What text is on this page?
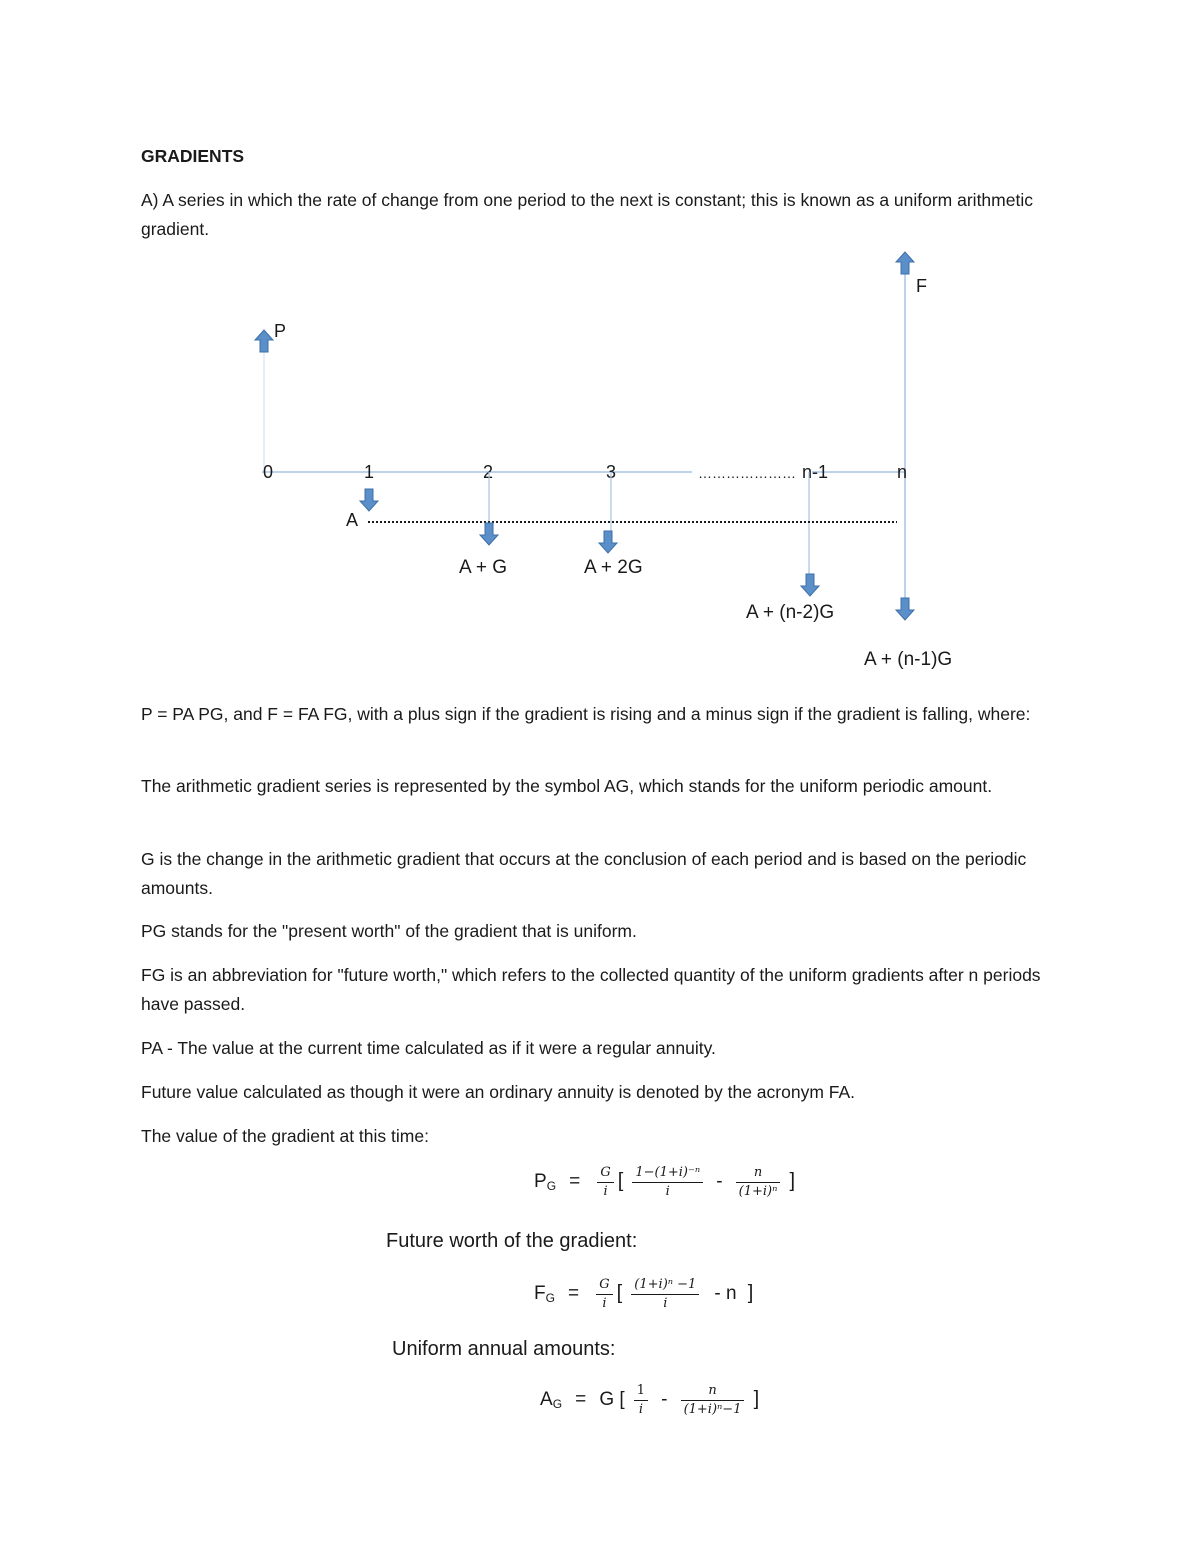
GRADIENTS

A) A series in which the rate of change from one period to the next is constant; this is known as a uniform arithmetic gradient.

P
F
0	1	2	3	………………… n-1	n
A
A + G	A + 2G
A + (n-2)G
A + (n-1)G

P = PA PG, and F = FA FG, with a plus sign if the gradient is rising and a minus sign if the gradient is falling, where:

The arithmetic gradient series is represented by the symbol AG, which stands for the uniform periodic amount.

G is the change in the arithmetic gradient that occurs at the conclusion of each period and is based on the periodic amounts.

PG stands for the "present worth" of the gradient that is uniform.

FG is an abbreviation for "future worth," which refers to the collected quantity of the uniform gradients after n periods have passed.

PA - The value at the current time calculated as if it were a regular annuity.

Future value calculated as though it were an ordinary annuity is denoted by the acronym FA.

The value of the gradient at this time:

$P_G = \frac{G}{i}$ [ $\frac{\text{1−(1+i)⁻ⁿ}}{i} - \frac{n}{\text{(1+i)ⁿ}}$ ]
Future worth of the gradient:
$F_G = \frac{G}{i}$ [ $\frac{\text{(1+i)ⁿ −1}}{i}$ - n ]
Uniform annual amounts:
$A_G = G$ [ $\frac{1}{i} - \frac{n}{\text{(1+i)ⁿ−1}}$ ]
